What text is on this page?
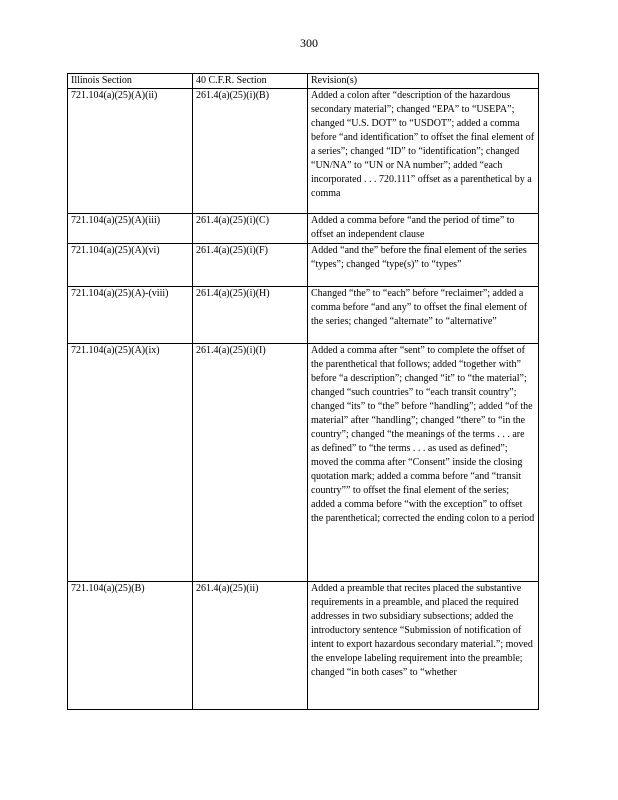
300
Illinois Section	40 C.F.R. Section	Revision(s)
721.104(a)(25)(A)(ii)	261.4(a)(25)(i)(B)	Added a colon after “description of the hazardous secondary material”; changed “EPA” to “USEPA”; changed “U.S. DOT” to “USDOT”; added a comma before “and identification” to offset the final element of a series”; changed “ID” to “identification”; changed “UN/NA” to “UN or NA number”; added “each incorporated . . . 720.111” offset as a parenthetical by a comma
721.104(a)(25)(A)(iii)	261.4(a)(25)(i)(C)	Added a comma before “and the period of time” to offset an independent clause
721.104(a)(25)(A)(vi)	261.4(a)(25)(i)(F)	Added “and the” before the final element of the series “types”; changed “type(s)” to “types”
721.104(a)(25)(A)-(viii)	261.4(a)(25)(i)(H)	Changed “the” to “each” before “reclaimer”; added a comma before “and any” to offset the final element of the series; changed “alternate” to “alternative”
721.104(a)(25)(A)(ix)	261.4(a)(25)(i)(I)	Added a comma after “sent” to complete the offset of the parenthetical that follows; added “together with” before “a description”; changed “it” to “the material”; changed “such countries” to “each transit country”; changed “its” to “the” before “handling”; added “of the material” after “handling”; changed “there” to “in the country”; changed “the meanings of the terms . . . are as defined” to “the terms . . . as used as defined”; moved the comma after “Consent” inside the closing quotation mark; added a comma before “and “transit country”” to offset the final element of the series; added a comma before “with the exception” to offset the parenthetical; corrected the ending colon to a period
721.104(a)(25)(B)	261.4(a)(25)(ii)	Added a preamble that recites placed the substantive requirements in a preamble, and placed the required addresses in two subsidiary subsections; added the introductory sentence “Submission of notification of intent to export hazardous secondary material.”; moved the envelope labeling requirement into the preamble; changed “in both cases” to “whether
